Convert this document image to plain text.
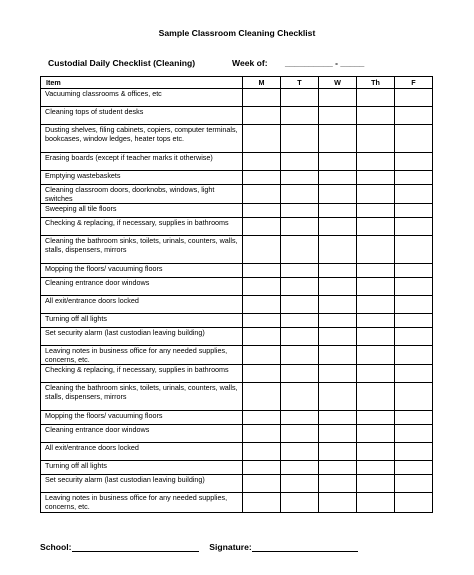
Sample Classroom Cleaning Checklist
Custodial Daily Checklist (Cleaning)	Week of: __________ - _____
Item	M	T	W	Th	F
Vacuuming classrooms & offices, etc					
Cleaning tops of student desks					
Dusting shelves, filing cabinets, copiers, computer terminals, bookcases, window ledges, heater tops etc.					
Erasing boards (except if teacher marks it otherwise)					
Emptying wastebaskets					
Cleaning classroom doors, doorknobs, windows, light switches					
Sweeping all tile floors					
Checking & replacing, if necessary, supplies in bathrooms					
Cleaning the bathroom sinks, toilets, urinals, counters, walls, stalls, dispensers, mirrors					
Mopping the floors/ vacuuming floors					
Cleaning entrance door windows					
All exit/entrance doors locked					
Turning off all lights					
Set security alarm (last custodian leaving building)					
Leaving notes in business office for any needed supplies, concerns, etc.					
Checking & replacing, if necessary, supplies in bathrooms					
Cleaning the bathroom sinks, toilets, urinals, counters, walls, stalls, dispensers, mirrors					
Mopping the floors/ vacuuming floors					
Cleaning entrance door windows					
All exit/entrance doors locked					
Turning off all lights					
Set security alarm (last custodian leaving building)					
Leaving notes in business office for any needed supplies, concerns, etc.					
School:	Signature:
